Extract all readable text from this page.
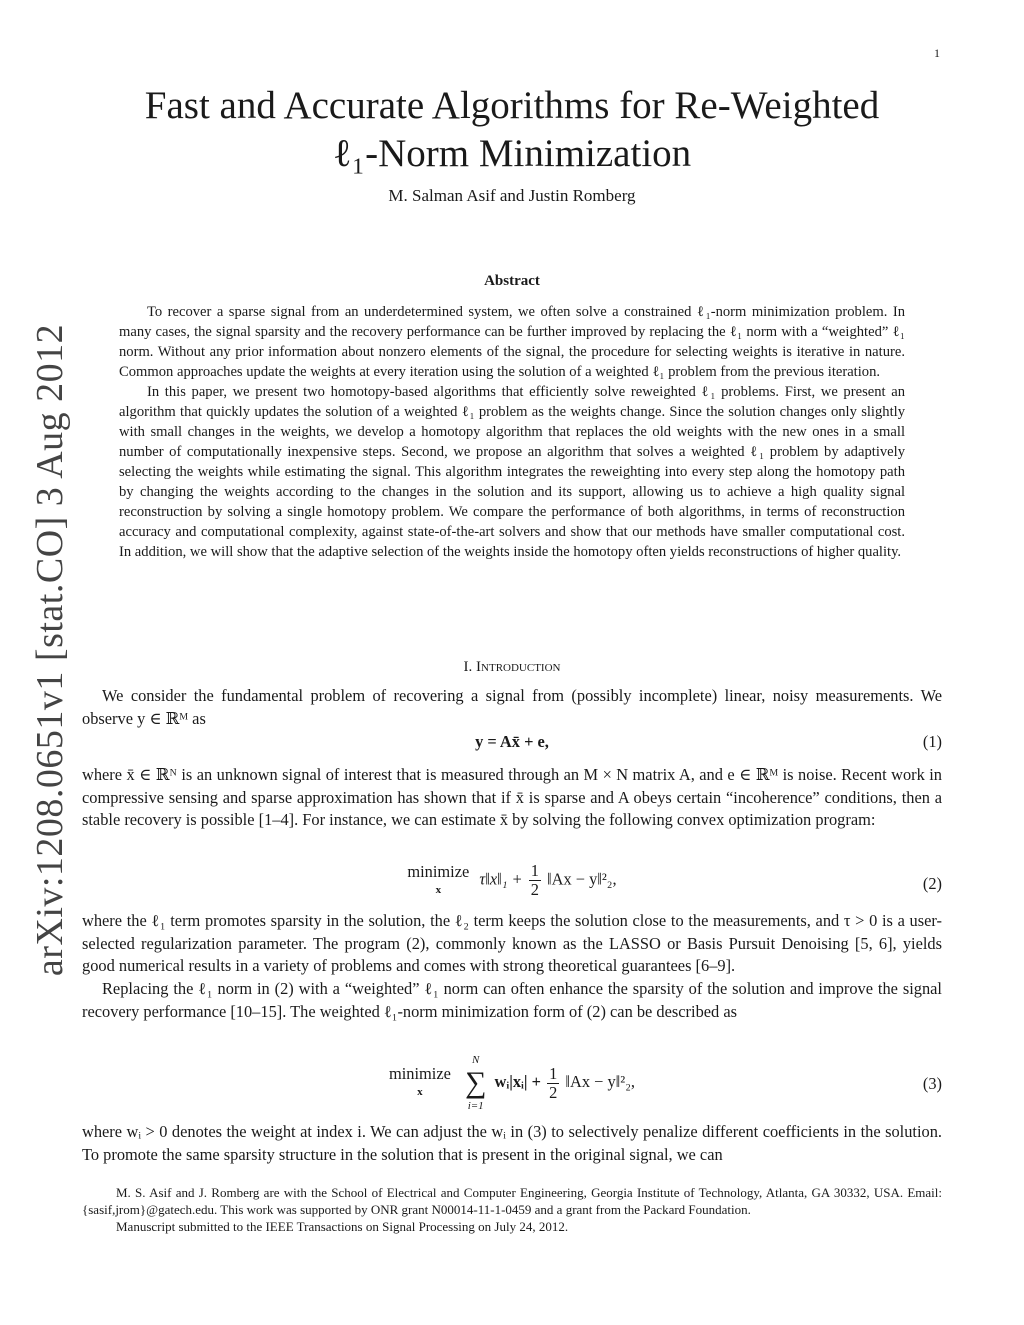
1
arXiv:1208.0651v1 [stat.CO] 3 Aug 2012
Fast and Accurate Algorithms for Re-Weighted
ℓ₁-Norm Minimization
M. Salman Asif and Justin Romberg
Abstract

To recover a sparse signal from an underdetermined system, we often solve a constrained ℓ₁-norm minimization problem. In many cases, the signal sparsity and the recovery performance can be further improved by replacing the ℓ₁ norm with a “weighted” ℓ₁ norm. Without any prior information about nonzero elements of the signal, the procedure for selecting weights is iterative in nature. Common approaches update the weights at every iteration using the solution of a weighted ℓ₁ problem from the previous iteration.

In this paper, we present two homotopy-based algorithms that efficiently solve reweighted ℓ₁ problems. First, we present an algorithm that quickly updates the solution of a weighted ℓ₁ problem as the weights change. Since the solution changes only slightly with small changes in the weights, we develop a homotopy algorithm that replaces the old weights with the new ones in a small number of computationally inexpensive steps. Second, we propose an algorithm that solves a weighted ℓ₁ problem by adaptively selecting the weights while estimating the signal. This algorithm integrates the reweighting into every step along the homotopy path by changing the weights according to the changes in the solution and its support, allowing us to achieve a high quality signal reconstruction by solving a single homotopy problem. We compare the performance of both algorithms, in terms of reconstruction accuracy and computational complexity, against state-of-the-art solvers and show that our methods have smaller computational cost. In addition, we will show that the adaptive selection of the weights inside the homotopy often yields reconstructions of higher quality.

I. Introduction

We consider the fundamental problem of recovering a signal from (possibly incomplete) linear, noisy measurements. We observe y ∈ ℝᴹ as

y = Ax̄ + e,	(1)

where x̄ ∈ ℝᴺ is an unknown signal of interest that is measured through an M × N matrix A, and e ∈ ℝᴹ is noise. Recent work in compressive sensing and sparse approximation has shown that if x̄ is sparse and A obeys certain “incoherence” conditions, then a stable recovery is possible [1–4]. For instance, we can estimate x̄ by solving the following convex optimization program:

minimize
x
τ‖x‖₁ + $\frac{1}{2}$ ‖Ax − y‖²₂,	(2)

where the ℓ₁ term promotes sparsity in the solution, the ℓ₂ term keeps the solution close to the measurements, and τ > 0 is a user-selected regularization parameter. The program (2), commonly known as the LASSO or Basis Pursuit Denoising [5, 6], yields good numerical results in a variety of problems and comes with strong theoretical guarantees [6–9].

Replacing the ℓ₁ norm in (2) with a “weighted” ℓ₁ norm can often enhance the sparsity of the solution and improve the signal recovery performance [10–15]. The weighted ℓ₁-norm minimization form of (2) can be described as

minimize
x

N
∑
i=1
wᵢ|xᵢ| + $\frac{1}{2}$ ‖Ax − y‖²₂,	(3)

where wᵢ > 0 denotes the weight at index i. We can adjust the wᵢ in (3) to selectively penalize different coefficients in the solution. To promote the same sparsity structure in the solution that is present in the original signal, we can

M. S. Asif and J. Romberg are with the School of Electrical and Computer Engineering, Georgia Institute of Technology, Atlanta, GA 30332, USA. Email: {sasif,jrom}@gatech.edu. This work was supported by ONR grant N00014-11-1-0459 and a grant from the Packard Foundation.

Manuscript submitted to the IEEE Transactions on Signal Processing on July 24, 2012.
